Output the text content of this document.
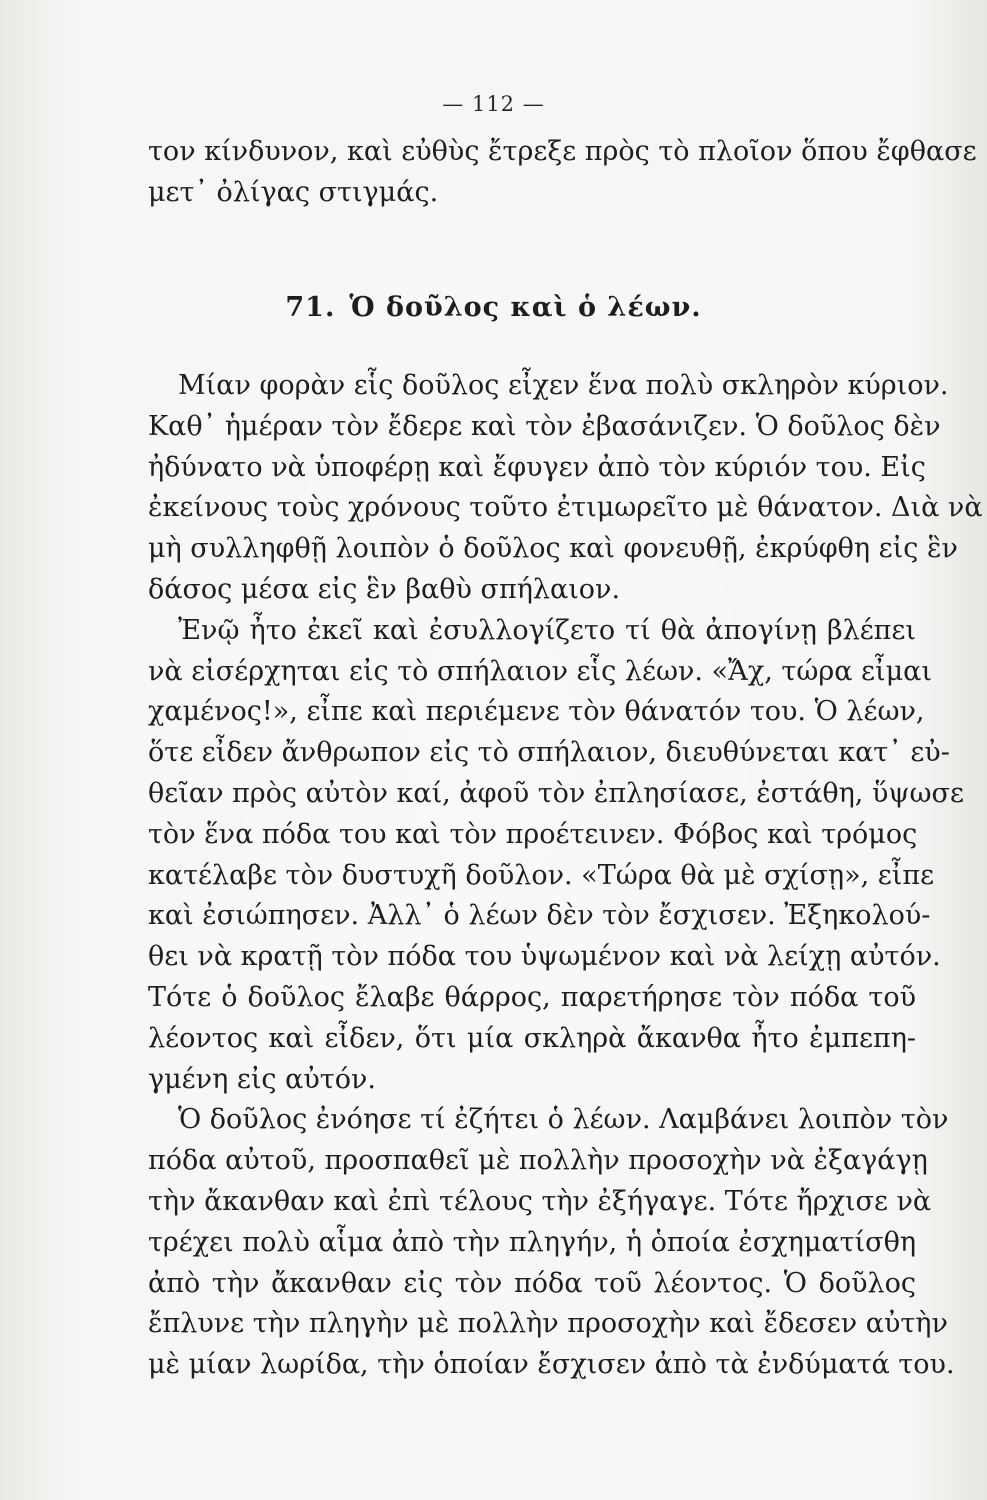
— 112 —
τον κίνδυνον, καὶ εὐθὺς ἔτρεξε πρὸς τὸ πλοῖον ὅπου ἔφθασε
μετ᾿ ὀλίγας στιγμάς.
71. Ὁ δοῦλος καὶ ὁ λέων.
Μίαν φορὰν εἷς δοῦλος εἶχεν ἕνα πολὺ σκληρὸν κύριον.
Καθ᾿ ἡμέραν τὸν ἔδερε καὶ τὸν ἐβασάνιζεν. Ὁ δοῦλος δὲν
ἠδύνατο νὰ ὑποφέρῃ καὶ ἔφυγεν ἀπὸ τὸν κύριόν του. Εἰς
ἐκείνους τοὺς χρόνους τοῦτο ἐτιμωρεῖτο μὲ θάνατον. Διὰ νὰ
μὴ συλληφθῇ λοιπὸν ὁ δοῦλος καὶ φονευθῇ, ἐκρύφθη εἰς ἓν
δάσος μέσα εἰς ἓν βαθὺ σπήλαιον.
Ἐνῷ ἦτο ἐκεῖ καὶ ἐσυλλογίζετο τί θὰ ἀπογίνῃ βλέπει
νὰ εἰσέρχηται εἰς τὸ σπήλαιον εἷς λέων. «Ἄχ, τώρα εἶμαι
χαμένος!», εἶπε καὶ περιέμενε τὸν θάνατόν του. Ὁ λέων,
ὅτε εἶδεν ἄνθρωπον εἰς τὸ σπήλαιον, διευθύνεται κατ᾿ εὐ-
θεῖαν πρὸς αὐτὸν καί, ἀφοῦ τὸν ἐπλησίασε, ἐστάθη, ὕψωσε
τὸν ἕνα πόδα του καὶ τὸν προέτεινεν. Φόβος καὶ τρόμος
κατέλαβε τὸν δυστυχῆ δοῦλον. «Τώρα θὰ μὲ σχίσῃ», εἶπε
καὶ ἐσιώπησεν. Ἀλλ᾿ ὁ λέων δὲν τὸν ἔσχισεν. Ἐξηκολού-
θει νὰ κρατῇ τὸν πόδα του ὑψωμένον καὶ νὰ λείχῃ αὐτόν.
Τότε ὁ δοῦλος ἔλαβε θάρρος, παρετήρησε τὸν πόδα τοῦ
λέοντος καὶ εἶδεν, ὅτι μία σκληρὰ ἄκανθα ἦτο ἐμπεπη-
γμένη εἰς αὐτόν.
Ὁ δοῦλος ἐνόησε τί ἐζήτει ὁ λέων. Λαμβάνει λοιπὸν τὸν
πόδα αὐτοῦ, προσπαθεῖ μὲ πολλὴν προσοχὴν νὰ ἐξαγάγῃ
τὴν ἄκανθαν καὶ ἐπὶ τέλους τὴν ἐξήγαγε. Τότε ἤρχισε νὰ
τρέχει πολὺ αἷμα ἀπὸ τὴν πληγήν, ἡ ὁποία ἐσχηματίσθη
ἀπὸ τὴν ἄκανθαν εἰς τὸν πόδα τοῦ λέοντος. Ὁ δοῦλος
ἔπλυνε τὴν πληγὴν μὲ πολλὴν προσοχὴν καὶ ἔδεσεν αὐτὴν
μὲ μίαν λωρίδα, τὴν ὁποίαν ἔσχισεν ἀπὸ τὰ ἐνδύματά του.
